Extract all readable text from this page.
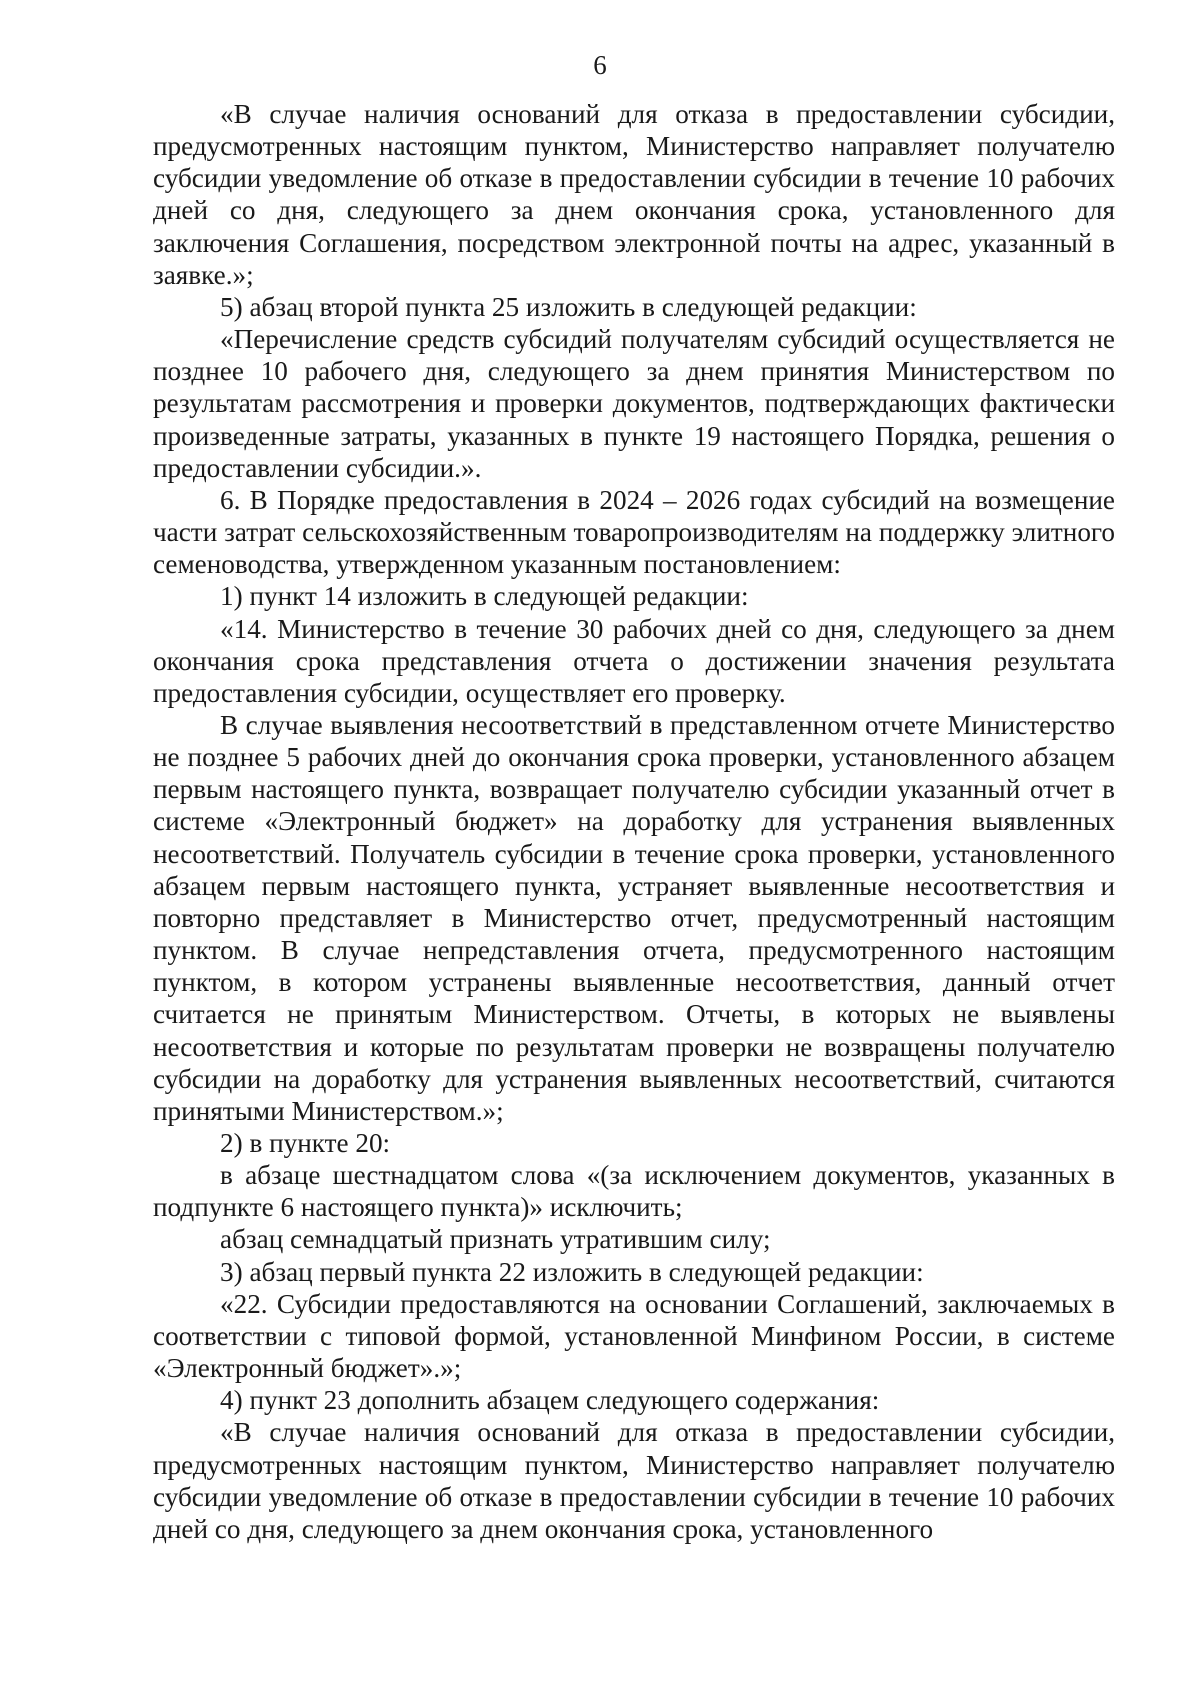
6

«В случае наличия оснований для отказа в предоставлении субсидии, предусмотренных настоящим пунктом, Министерство направляет получателю субсидии уведомление об отказе в предоставлении субсидии в течение 10 рабочих дней со дня, следующего за днем окончания срока, установленного для заключения Соглашения, посредством электронной почты на адрес, указанный в заявке.»;

5) абзац второй пункта 25 изложить в следующей редакции:

«Перечисление средств субсидий получателям субсидий осуществляется не позднее 10 рабочего дня, следующего за днем принятия Министерством по результатам рассмотрения и проверки документов, подтверждающих фактически произведенные затраты, указанных в пункте 19 настоящего Порядка, решения о предоставлении субсидии.».

6. В Порядке предоставления в 2024 – 2026 годах субсидий на возмещение части затрат сельскохозяйственным товаропроизводителям на поддержку элитного семеноводства, утвержденном указанным постановлением:

1) пункт 14 изложить в следующей редакции:

«14. Министерство в течение 30 рабочих дней со дня, следующего за днем окончания срока представления отчета о достижении значения результата предоставления субсидии, осуществляет его проверку.

В случае выявления несоответствий в представленном отчете Министерство не позднее 5 рабочих дней до окончания срока проверки, установленного абзацем первым настоящего пункта, возвращает получателю субсидии указанный отчет в системе «Электронный бюджет» на доработку для устранения выявленных несоответствий. Получатель субсидии в течение срока проверки, установленного абзацем первым настоящего пункта, устраняет выявленные несоответствия и повторно представляет в Министерство отчет, предусмотренный настоящим пунктом. В случае непредставления отчета, предусмотренного настоящим пунктом, в котором устранены выявленные несоответствия, данный отчет считается не принятым Министерством. Отчеты, в которых не выявлены несоответствия и которые по результатам проверки не возвращены получателю субсидии на доработку для устранения выявленных несоответствий, считаются принятыми Министерством.»;

2) в пункте 20:

в абзаце шестнадцатом слова «(за исключением документов, указанных в подпункте 6 настоящего пункта)» исключить;

абзац семнадцатый признать утратившим силу;

3) абзац первый пункта 22 изложить в следующей редакции:

«22. Субсидии предоставляются на основании Соглашений, заключаемых в соответствии с типовой формой, установленной Минфином России, в системе «Электронный бюджет».»;

4) пункт 23 дополнить абзацем следующего содержания:

«В случае наличия оснований для отказа в предоставлении субсидии, предусмотренных настоящим пунктом, Министерство направляет получателю субсидии уведомление об отказе в предоставлении субсидии в течение 10 рабочих дней со дня, следующего за днем окончания срока, установленного
